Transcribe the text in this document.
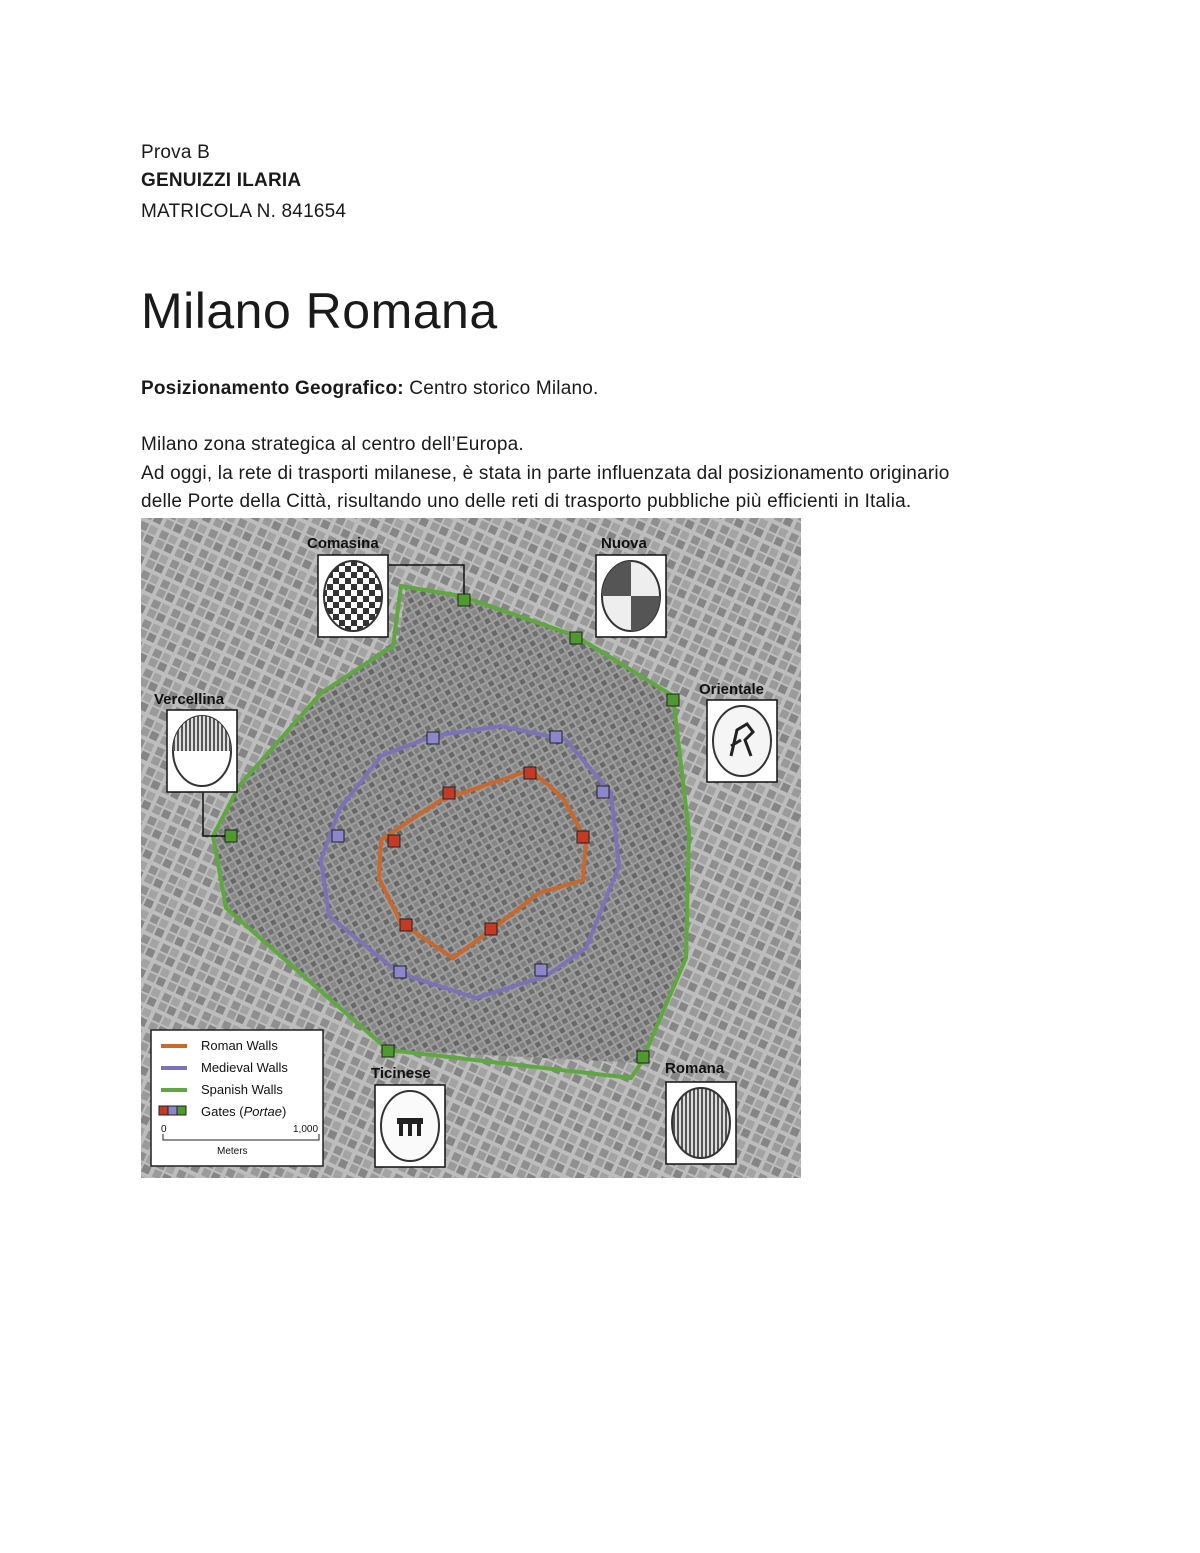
Prova B
GENUIZZI ILARIA
MATRICOLA N. 841654
Milano Romana
Posizionamento Geografico: Centro storico Milano.
Milano zona strategica al centro dell’Europa.
Ad oggi, la rete di trasporti milanese, è stata in parte influenzata dal posizionamento originario
delle Porte della Città, risultando uno delle reti di trasporto pubbliche più efficienti in Italia.
Comasina	Nuova
Orientale
Vercellina
Ticinese	Romana
Roman Walls
Medieval Walls
Spanish Walls
Gates (Portae)
0	1,000
Meters
